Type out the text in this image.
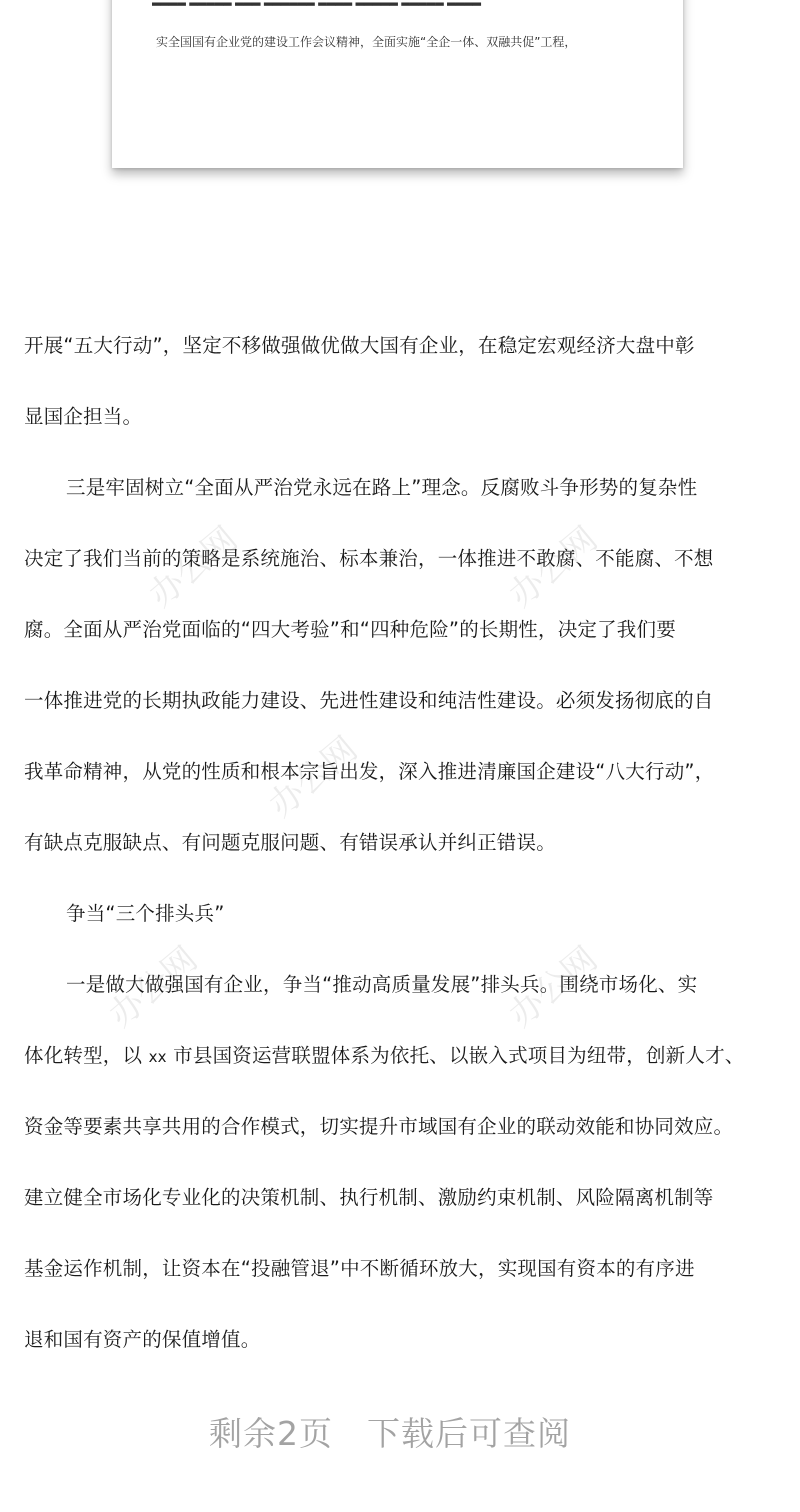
实全国国有企业党的建设工作会议精神，全面实施“全企一体、双融共促”工程，
办公网	办公网
办公网
办公网	办公网
开展“五大行动”，坚定不移做强做优做大国有企业，在稳定宏观经济大盘中彰
显国企担当。
三是牢固树立“全面从严治党永远在路上”理念。反腐败斗争形势的复杂性
决定了我们当前的策略是系统施治、标本兼治，一体推进不敢腐、不能腐、不想
腐。全面从严治党面临的“四大考验”和“四种危险”的长期性，决定了我们要
一体推进党的长期执政能力建设、先进性建设和纯洁性建设。必须发扬彻底的自
我革命精神，从党的性质和根本宗旨出发，深入推进清廉国企建设“八大行动”，
有缺点克服缺点、有问题克服问题、有错误承认并纠正错误。
争当“三个排头兵”
一是做大做强国有企业，争当“推动高质量发展”排头兵。围绕市场化、实
体化转型，以 xx 市县国资运营联盟体系为依托、以嵌入式项目为纽带，创新人才、
资金等要素共享共用的合作模式，切实提升市域国有企业的联动效能和协同效应。
建立健全市场化专业化的决策机制、执行机制、激励约束机制、风险隔离机制等
基金运作机制，让资本在“投融管退”中不断循环放大，实现国有资本的有序进
退和国有资产的保值增值。
剩余2页 下载后可查阅
